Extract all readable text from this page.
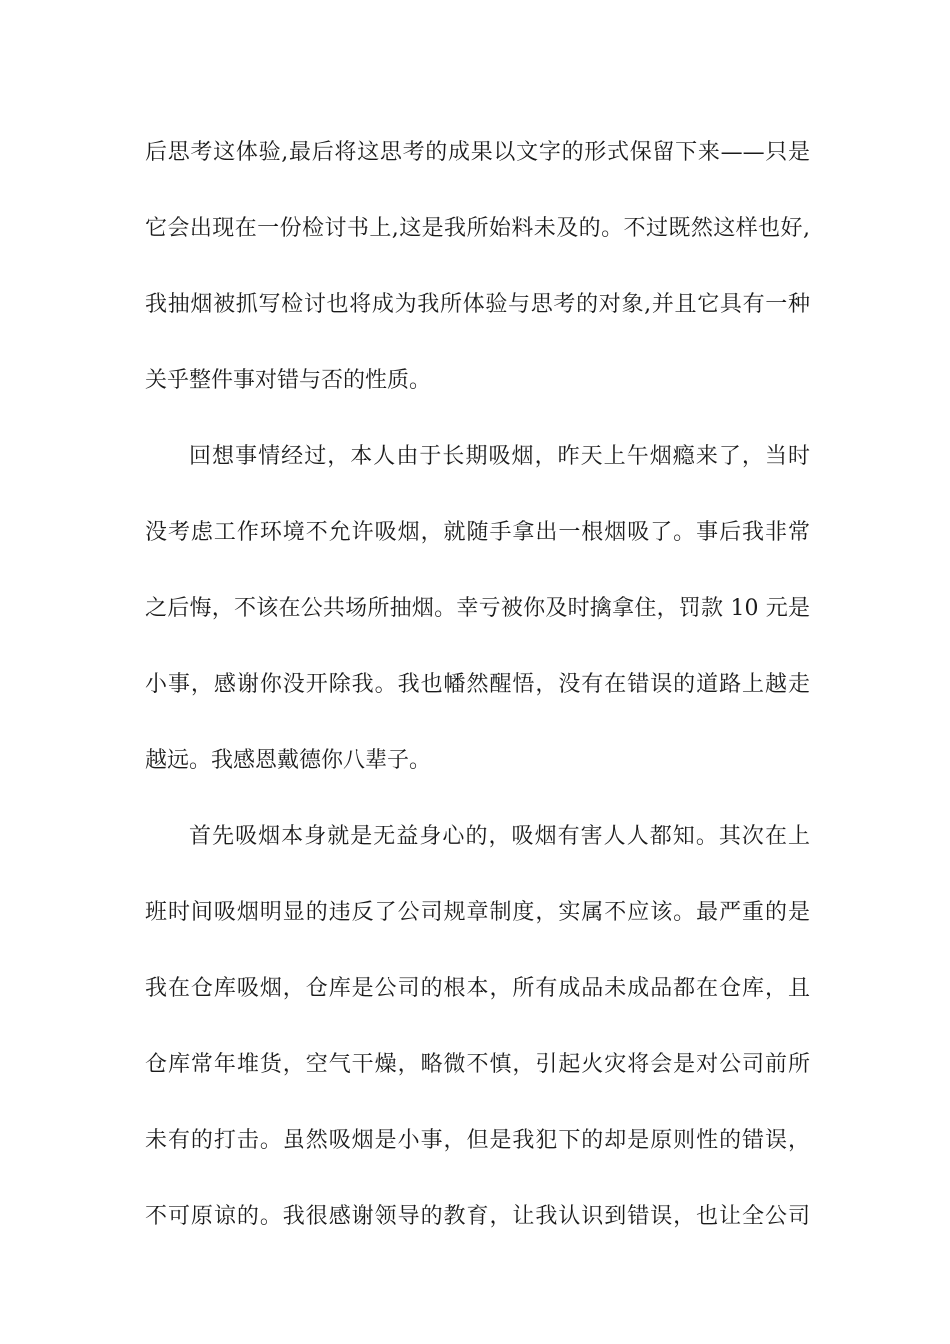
后思考这体验,最后将这思考的成果以文字的形式保留下来——只是

它会出现在一份检讨书上,这是我所始料未及的。不过既然这样也好,

我抽烟被抓写检讨也将成为我所体验与思考的对象,并且它具有一种

关乎整件事对错与否的性质。

回想事情经过，本人由于长期吸烟，昨天上午烟瘾来了，当时

没考虑工作环境不允许吸烟，就随手拿出一根烟吸了。事后我非常

之后悔，不该在公共场所抽烟。幸亏被你及时擒拿住，罚款 10 元是

小事，感谢你没开除我。我也幡然醒悟，没有在错误的道路上越走

越远。我感恩戴德你八辈子。

首先吸烟本身就是无益身心的，吸烟有害人人都知。其次在上

班时间吸烟明显的违反了公司规章制度，实属不应该。最严重的是

我在仓库吸烟，仓库是公司的根本，所有成品未成品都在仓库，且

仓库常年堆货，空气干燥，略微不慎，引起火灾将会是对公司前所

未有的打击。虽然吸烟是小事，但是我犯下的却是原则性的错误，

不可原谅的。我很感谢领导的教育，让我认识到错误，也让全公司
